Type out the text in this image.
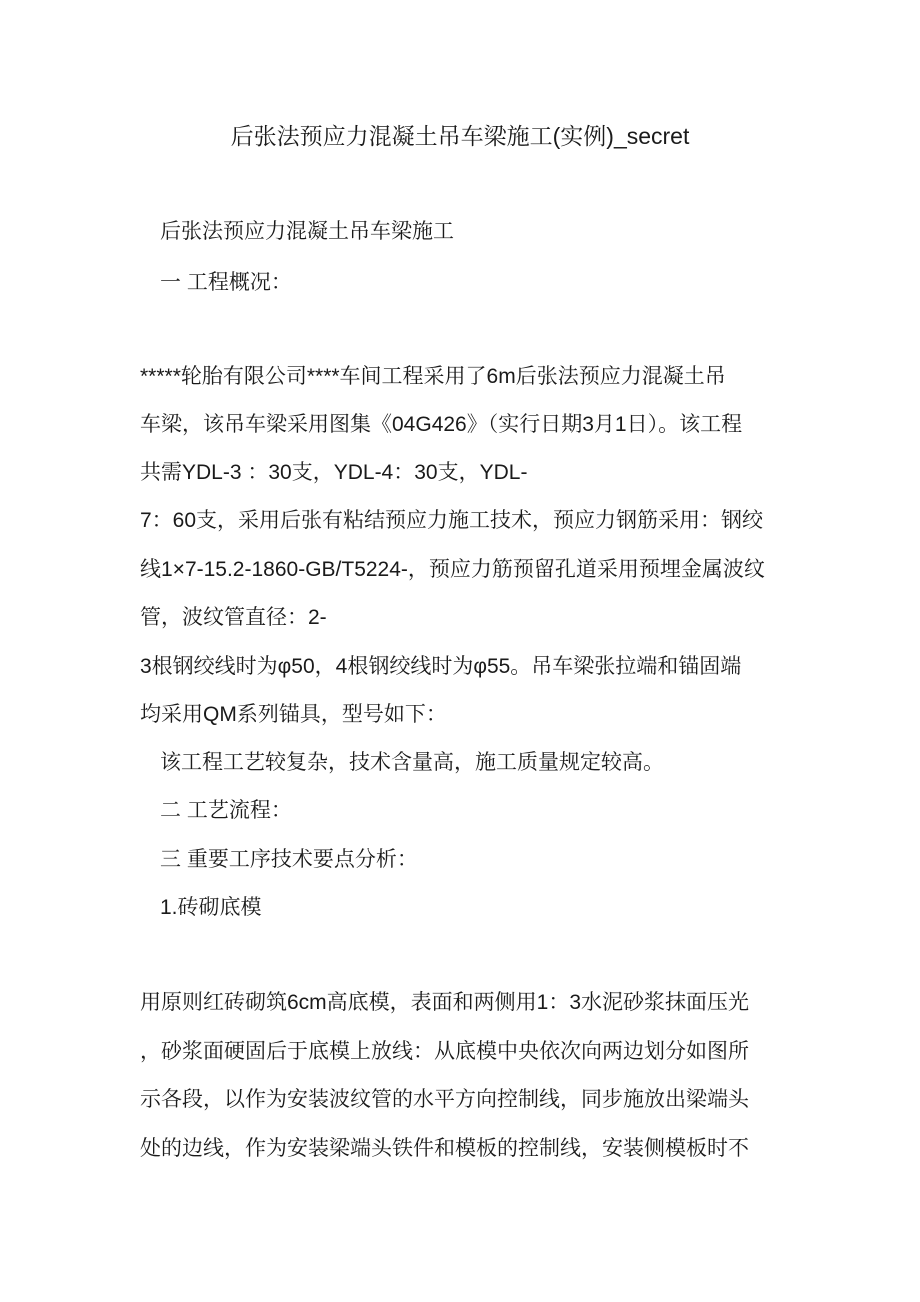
后张法预应力混凝土吊车梁施工(实例)_secret
后张法预应力混凝土吊车梁施工
一 工程概况：
*****轮胎有限公司****车间工程采用了6m后张法预应力混凝土吊
车梁，该吊车梁采用图集《04G426》（实行日期3月1日）。该工程
共需YDL-3 ：30支，YDL-4：30支，YDL-
7：60支，采用后张有粘结预应力施工技术，预应力钢筋采用：钢绞
线1×7-15.2-1860-GB/T5224-，预应力筋预留孔道采用预埋金属波纹
管，波纹管直径：2-
3根钢绞线时为φ50，4根钢绞线时为φ55。吊车梁张拉端和锚固端
均采用QM系列锚具，型号如下：
该工程工艺较复杂，技术含量高，施工质量规定较高。
二 工艺流程：
三 重要工序技术要点分析：
1.砖砌底模
用原则红砖砌筑6cm高底模，表面和两侧用1：3水泥砂浆抹面压光
，砂浆面硬固后于底模上放线：从底模中央依次向两边划分如图所
示各段，以作为安装波纹管的水平方向控制线，同步施放出梁端头
处的边线，作为安装梁端头铁件和模板的控制线，安装侧模板时不
